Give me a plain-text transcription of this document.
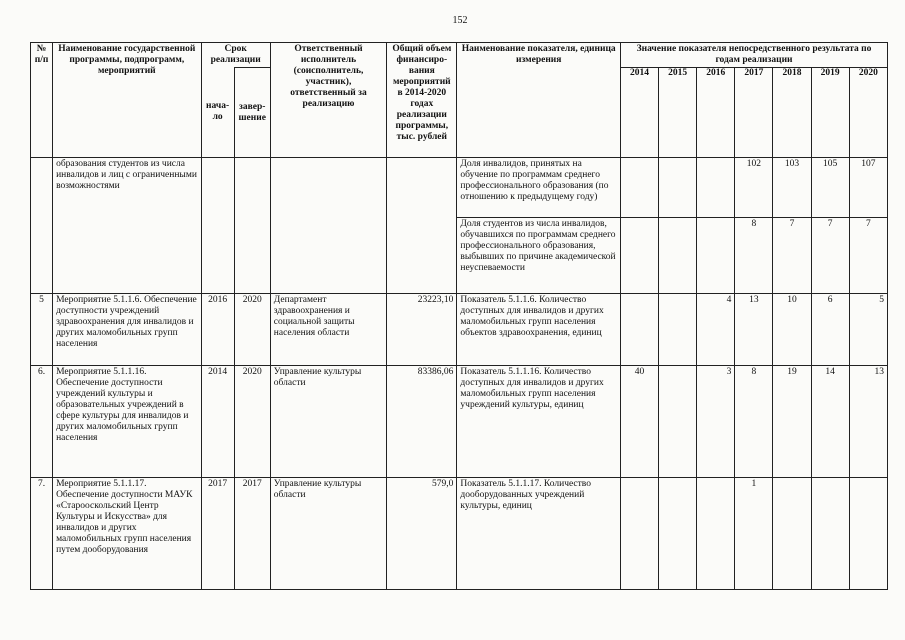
152
№ п/п	Наименование государственной программы, подпрограмм, мероприятий	Срок реализации		Ответственный исполнитель (соисполнитель, участник), ответственный за реализацию	Общий объем финансиро-вания мероприятий в 2014-2020 годах реализации программы, тыс. рублей	Наименование показателя, единица измерения	Значение показателя непосредственного результата по годам реализации						
		нача-ло	завер-шение				2014	2015	2016	2017	2018	2019	2020
	образования студентов из числа инвалидов и лиц с ограниченными возможностями					Доля инвалидов, принятых на обучение по программам среднего профессионального образования (по отношению к предыдущему году)				102	103	105	107
						Доля студентов из числа инвалидов, обучавшихся по программам среднего профессионального образования, выбывших по причине академической неуспеваемости				8	7	7	7
5	Мероприятие 5.1.1.6. Обеспечение доступности учреждений здравоохранения для инвалидов и других маломобильных групп населения	2016	2020	Департамент здравоохранения и социальной защиты населения области	23223,10	Показатель 5.1.1.6. Количество доступных для инвалидов и других маломобильных групп населения объектов здравоохранения, единиц			4	13	10	6	5
6.	Мероприятие 5.1.1.16. Обеспечение доступности учреждений культуры и образовательных учреждений в сфере культуры для инвалидов и других маломобильных групп населения	2014	2020	Управление культуры области	83386,06	Показатель 5.1.1.16. Количество доступных для инвалидов и других маломобильных групп населения учреждений культуры, единиц	40		3	8	19	14	13
7.	Мероприятие 5.1.1.17. Обеспечение доступности МАУК «Старооскольский Центр Культуры и Искусства» для инвалидов и других маломобильных групп населения путем дооборудования	2017	2017	Управление культуры области	579,0	Показатель 5.1.1.17. Количество дооборудованных учреждений культуры, единиц				1			
